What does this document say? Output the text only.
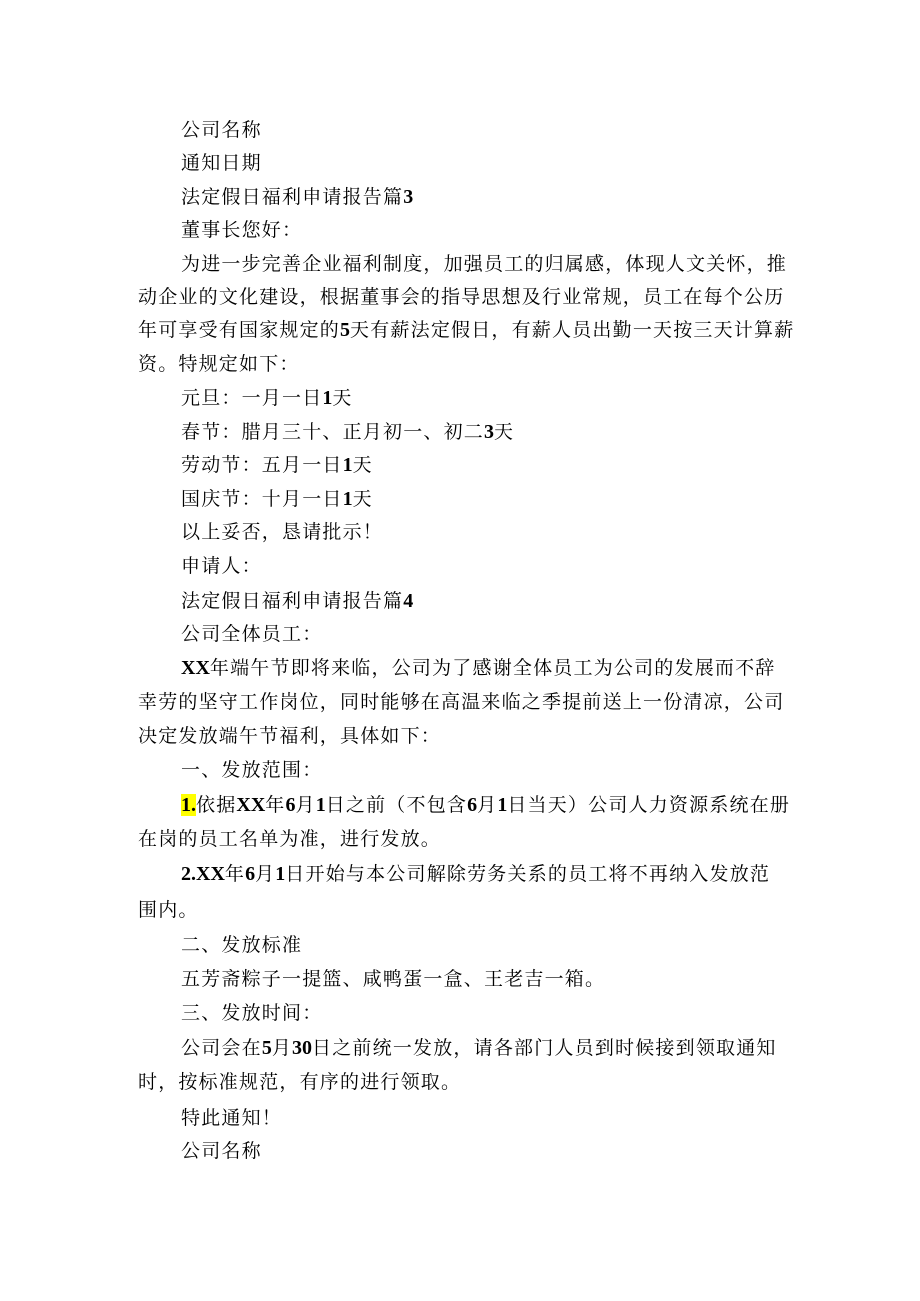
公司名称
通知日期
法定假日福利申请报告篇3
董事长您好：
为进一步完善企业福利制度，加强员工的归属感，体现人文关怀，推
动企业的文化建设，根据董事会的指导思想及行业常规，员工在每个公历
年可享受有国家规定的5天有薪法定假日，有薪人员出勤一天按三天计算薪
资。特规定如下：
元旦：一月一日1天
春节：腊月三十、正月初一、初二3天
劳动节：五月一日1天
国庆节：十月一日1天
以上妥否，恳请批示！
申请人：
法定假日福利申请报告篇4
公司全体员工：
XX年端午节即将来临，公司为了感谢全体员工为公司的发展而不辞
幸劳的坚守工作岗位，同时能够在高温来临之季提前送上一份清凉，公司
决定发放端午节福利，具体如下：
一、发放范围：
1.依据XX年6月1日之前（不包含6月1日当天）公司人力资源系统在册
在岗的员工名单为准，进行发放。
2.XX年6月1日开始与本公司解除劳务关系的员工将不再纳入发放范
围内。
二、发放标准
五芳斋粽子一提篮、咸鸭蛋一盒、王老吉一箱。
三、发放时间：
公司会在5月30日之前统一发放，请各部门人员到时候接到领取通知
时，按标准规范，有序的进行领取。
特此通知！
公司名称
